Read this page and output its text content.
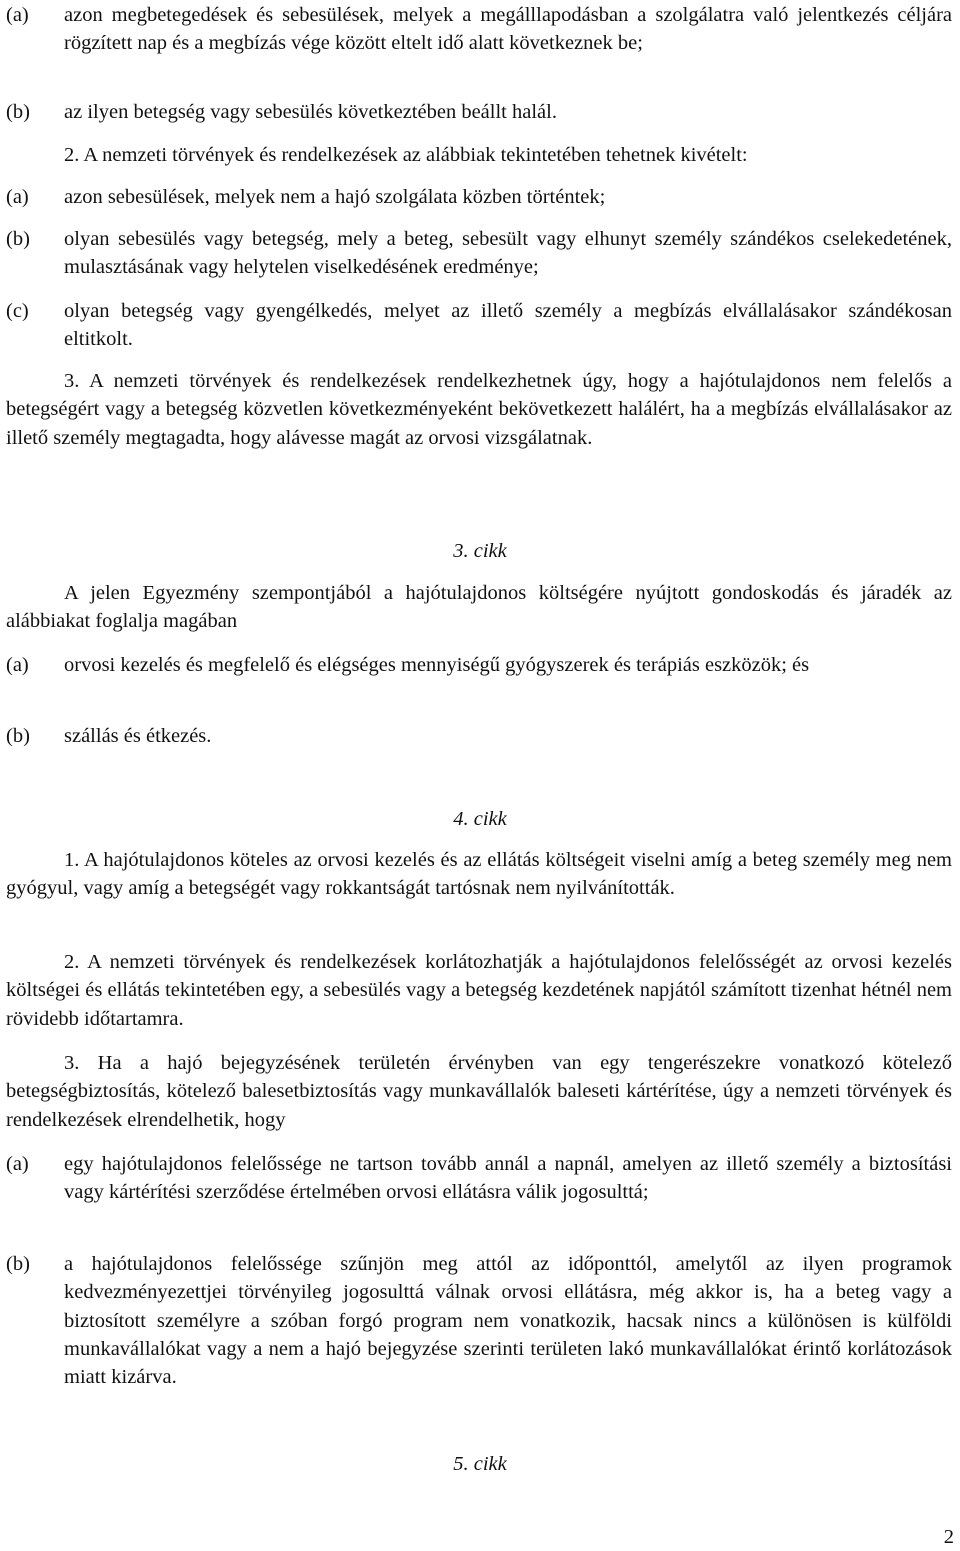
(a)	azon megbetegedések és sebesülések, melyek a megálllapodásban a szolgálatra való jelentkezés céljára rögzített nap és a megbízás vége között eltelt idő alatt következnek be;
(b)	az ilyen betegség vagy sebesülés következtében beállt halál.
2. A nemzeti törvények és rendelkezések az alábbiak tekintetében tehetnek kivételt:
(a)	azon sebesülések, melyek nem a hajó szolgálata közben történtek;
(b)	olyan sebesülés vagy betegség, mely a beteg, sebesült vagy elhunyt személy szándékos cselekedetének, mulasztásának vagy helytelen viselkedésének eredménye;
(c)	olyan betegség vagy gyengélkedés, melyet az illető személy a megbízás elvállalásakor szándékosan eltitkolt.
3. A nemzeti törvények és rendelkezések rendelkezhetnek úgy, hogy a hajótulajdonos nem felelős a betegségért vagy a betegség közvetlen következményeként bekövetkezett halálért, ha a megbízás elvállalásakor az illető személy megtagadta, hogy alávesse magát az orvosi vizsgálatnak.
3. cikk
A jelen Egyezmény szempontjából a hajótulajdonos költségére nyújtott gondoskodás és járadék az alábbiakat foglalja magában
(a)	orvosi kezelés és megfelelő és elégséges mennyiségű gyógyszerek és terápiás eszközök; és
(b)	szállás és étkezés.
4. cikk
1. A hajótulajdonos köteles az orvosi kezelés és az ellátás költségeit viselni amíg a beteg személy meg nem gyógyul, vagy amíg a betegségét vagy rokkantságát tartósnak nem nyilvánították.
2. A nemzeti törvények és rendelkezések korlátozhatják a hajótulajdonos felelősségét az orvosi kezelés költségei és ellátás tekintetében egy, a sebesülés vagy a betegség kezdetének napjától számított tizenhat hétnél nem rövidebb időtartamra.
3. Ha a hajó bejegyzésének területén érvényben van egy tengerészekre vonatkozó kötelező betegségbiztosítás, kötelező balesetbiztosítás vagy munkavállalók baleseti kártérítése, úgy a nemzeti törvények és rendelkezések elrendelhetik, hogy
(a)	egy hajótulajdonos felelőssége ne tartson tovább annál a napnál, amelyen az illető személy a biztosítási vagy kártérítési szerződése értelmében orvosi ellátásra válik jogosulttá;
(b)	a hajótulajdonos felelőssége szűnjön meg attól az időponttól, amelytől az ilyen programok kedvezményezettjei törvényileg jogosulttá válnak orvosi ellátásra, még akkor is, ha a beteg vagy a biztosított személyre a szóban forgó program nem vonatkozik, hacsak nincs a különösen is külföldi munkavállalókat vagy a nem a hajó bejegyzése szerinti területen lakó munkavállalókat érintő korlátozások miatt kizárva.
5. cikk
2
